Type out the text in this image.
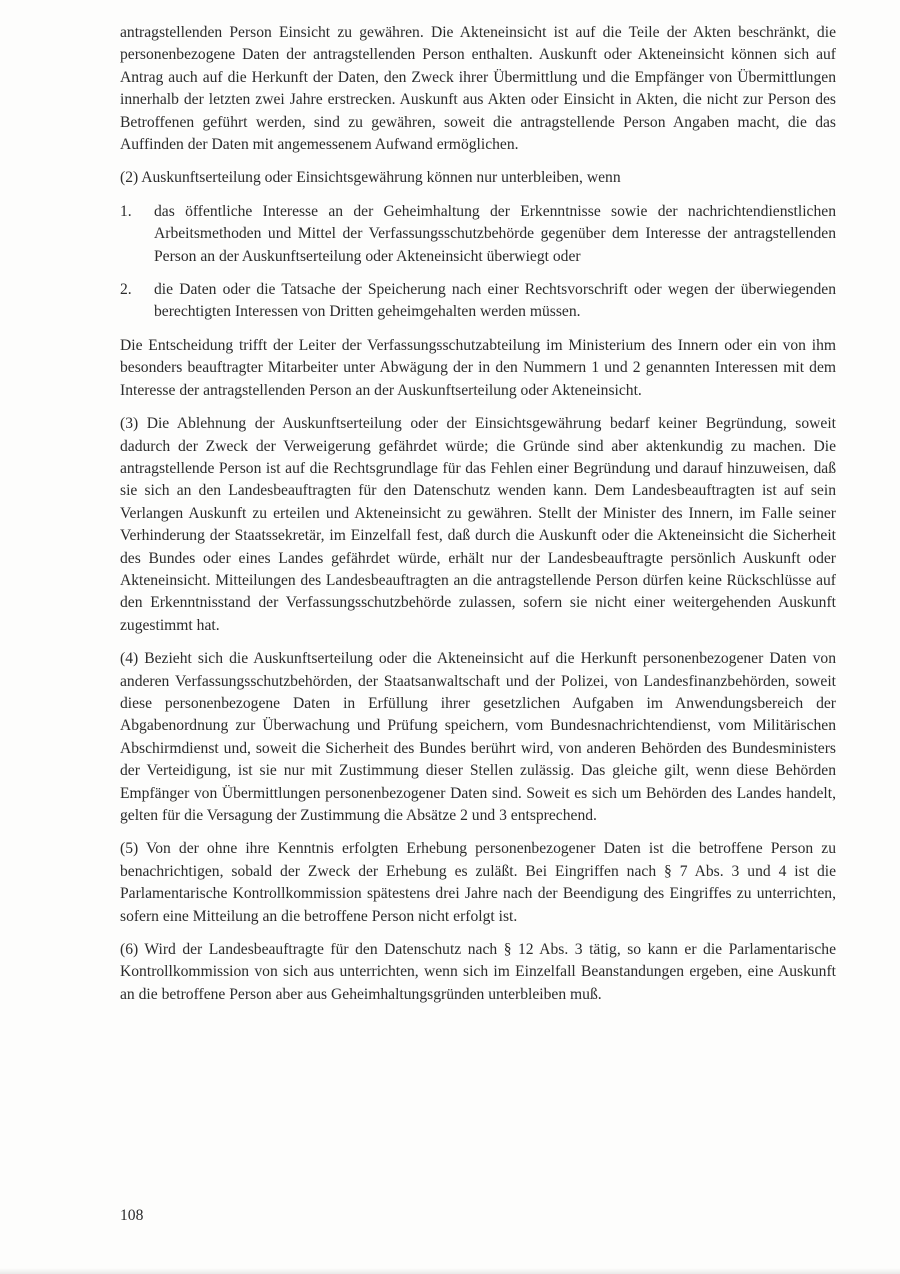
antragstellenden Person Einsicht zu gewähren. Die Akteneinsicht ist auf die Teile der Akten beschränkt, die personenbezogene Daten der antragstellenden Person enthalten. Auskunft oder Akteneinsicht können sich auf Antrag auch auf die Herkunft der Daten, den Zweck ihrer Übermittlung und die Empfänger von Übermittlungen innerhalb der letzten zwei Jahre erstrecken. Auskunft aus Akten oder Einsicht in Akten, die nicht zur Person des Betroffenen geführt werden, sind zu gewähren, soweit die antragstellende Person Angaben macht, die das Auffinden der Daten mit angemessenem Aufwand ermöglichen.

(2) Auskunftserteilung oder Einsichtsgewährung können nur unterbleiben, wenn

1.	das öffentliche Interesse an der Geheimhaltung der Erkenntnisse sowie der nachrichtendienstlichen Arbeitsmethoden und Mittel der Verfassungsschutzbehörde gegenüber dem Interesse der antragstellenden Person an der Auskunftserteilung oder Akteneinsicht überwiegt oder
2.	die Daten oder die Tatsache der Speicherung nach einer Rechtsvorschrift oder wegen der überwiegenden berechtigten Interessen von Dritten geheimgehalten werden müssen.

Die Entscheidung trifft der Leiter der Verfassungsschutzabteilung im Ministerium des Innern oder ein von ihm besonders beauftragter Mitarbeiter unter Abwägung der in den Nummern 1 und 2 genannten Interessen mit dem Interesse der antragstellenden Person an der Auskunftserteilung oder Akteneinsicht.

(3) Die Ablehnung der Auskunftserteilung oder der Einsichtsgewährung bedarf keiner Begründung, soweit dadurch der Zweck der Verweigerung gefährdet würde; die Gründe sind aber aktenkundig zu machen. Die antragstellende Person ist auf die Rechtsgrundlage für das Fehlen einer Begründung und darauf hinzuweisen, daß sie sich an den Landesbeauftragten für den Datenschutz wenden kann. Dem Landesbeauftragten ist auf sein Verlangen Auskunft zu erteilen und Akteneinsicht zu gewähren. Stellt der Minister des Innern, im Falle seiner Verhinderung der Staatssekretär, im Einzelfall fest, daß durch die Auskunft oder die Akteneinsicht die Sicherheit des Bundes oder eines Landes gefährdet würde, erhält nur der Landesbeauftragte persönlich Auskunft oder Akteneinsicht. Mitteilungen des Landesbeauftragten an die antragstellende Person dürfen keine Rückschlüsse auf den Erkenntnisstand der Verfassungsschutzbehörde zulassen, sofern sie nicht einer weitergehenden Auskunft zugestimmt hat.

(4) Bezieht sich die Auskunftserteilung oder die Akteneinsicht auf die Herkunft personenbezogener Daten von anderen Verfassungsschutzbehörden, der Staatsanwaltschaft und der Polizei, von Landesfinanzbehörden, soweit diese personenbezogene Daten in Erfüllung ihrer gesetzlichen Aufgaben im Anwendungsbereich der Abgabenordnung zur Überwachung und Prüfung speichern, vom Bundesnachrichtendienst, vom Militärischen Abschirmdienst und, soweit die Sicherheit des Bundes berührt wird, von anderen Behörden des Bundesministers der Verteidigung, ist sie nur mit Zustimmung dieser Stellen zulässig. Das gleiche gilt, wenn diese Behörden Empfänger von Übermittlungen personenbezogener Daten sind. Soweit es sich um Behörden des Landes handelt, gelten für die Versagung der Zustimmung die Absätze 2 und 3 entsprechend.

(5) Von der ohne ihre Kenntnis erfolgten Erhebung personenbezogener Daten ist die betroffene Person zu benachrichtigen, sobald der Zweck der Erhebung es zuläßt. Bei Eingriffen nach § 7 Abs. 3 und 4 ist die Parlamentarische Kontrollkommission spätestens drei Jahre nach der Beendigung des Eingriffes zu unterrichten, sofern eine Mitteilung an die betroffene Person nicht erfolgt ist.

(6) Wird der Landesbeauftragte für den Datenschutz nach § 12 Abs. 3 tätig, so kann er die Parlamentarische Kontrollkommission von sich aus unterrichten, wenn sich im Einzelfall Beanstandungen ergeben, eine Auskunft an die betroffene Person aber aus Geheimhaltungsgründen unterbleiben muß.

108
